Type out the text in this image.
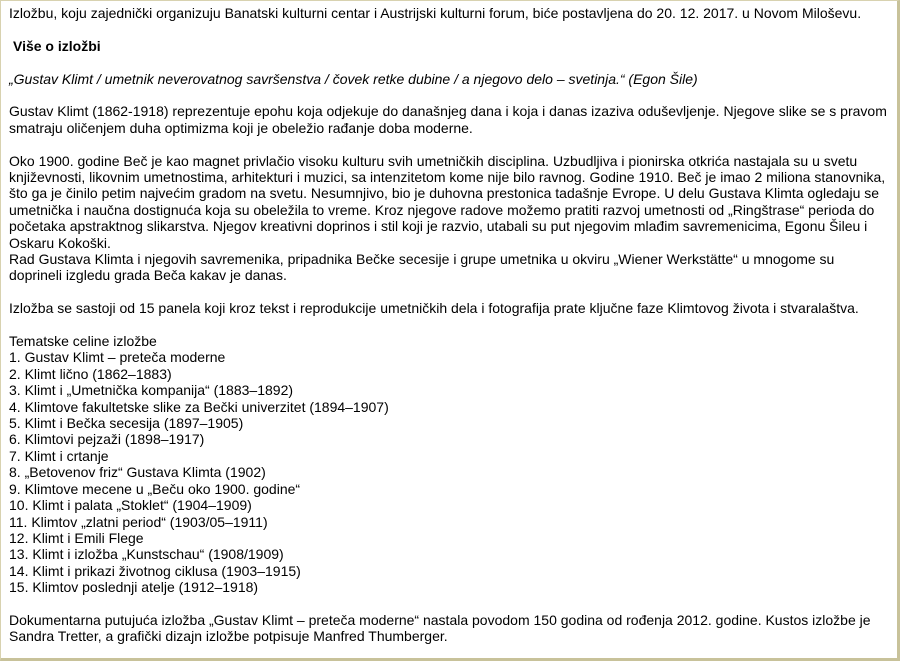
Izložbu, koju zajednički organizuju Banatski kulturni centar i Austrijski kulturni forum, biće postavljena do 20. 12. 2017. u Novom Miloševu.

Više o izložbi

„Gustav Klimt / umetnik neverovatnog savršenstva / čovek retke dubine / a njegovo delo – svetinja.“ (Egon Šile)

Gustav Klimt (1862-1918) reprezentuje epohu koja odjekuje do današnjeg dana i koja i danas izaziva oduševljenje. Njegove slike se s pravom smatraju oličenjem duha optimizma koji je obeležio rađanje doba moderne.

Oko 1900. godine Beč je kao magnet privlačio visoku kulturu svih umetničkih disciplina. Uzbudljiva i pionirska otkrića nastajala su u svetu književnosti, likovnim umetnostima, arhitekturi i muzici, sa intenzitetom kome nije bilo ravnog. Godine 1910. Beč je imao 2 miliona stanovnika, što ga je činilo petim najvećim gradom na svetu. Nesumnjivo, bio je duhovna prestonica tadašnje Evrope. U delu Gustava Klimta ogledaju se umetnička i naučna dostignuća koja su obeležila to vreme. Kroz njegove radove možemo pratiti razvoj umetnosti od „Ringštrase“ perioda do početaka apstraktnog slikarstva. Njegov kreativni doprinos i stil koji je razvio, utabali su put njegovim mlađim savremenicima, Egonu Šileu i Oskaru Kokoški.

Rad Gustava Klimta i njegovih savremenika, pripadnika Bečke secesije i grupe umetnika u okviru „Wiener Werkstätte“ u mnogome su doprineli izgledu grada Beča kakav je danas.

Izložba se sastoji od 15 panela koji kroz tekst i reprodukcije umetničkih dela i fotografija prate ključne faze Klimtovog života i stvaralaštva.

Tematske celine izložbe

1. Gustav Klimt – preteča moderne
2. Klimt lično (1862–1883)
3. Klimt i „Umetnička kompanija“ (1883–1892)
4. Klimtove fakultetske slike za Bečki univerzitet (1894–1907)
5. Klimt i Bečka secesija (1897–1905)
6. Klimtovi pejzaži (1898–1917)
7. Klimt i crtanje
8. „Betovenov friz“ Gustava Klimta (1902)
9. Klimtove mecene u „Beču oko 1900. godine“
10. Klimt i palata „Stoklet“ (1904–1909)
11. Klimtov „zlatni period“ (1903/05–1911)
12. Klimt i Emili Flege
13. Klimt i izložba „Kunstschau“ (1908/1909)
14. Klimt i prikazi životnog ciklusa (1903–1915)
15. Klimtov poslednji atelje (1912–1918)

Dokumentarna putujuća izložba „Gustav Klimt – preteča moderne“ nastala povodom 150 godina od rođenja 2012. godine. Kustos izložbe je Sandra Tretter, a grafički dizajn izložbe potpisuje Manfred Thumberger.
